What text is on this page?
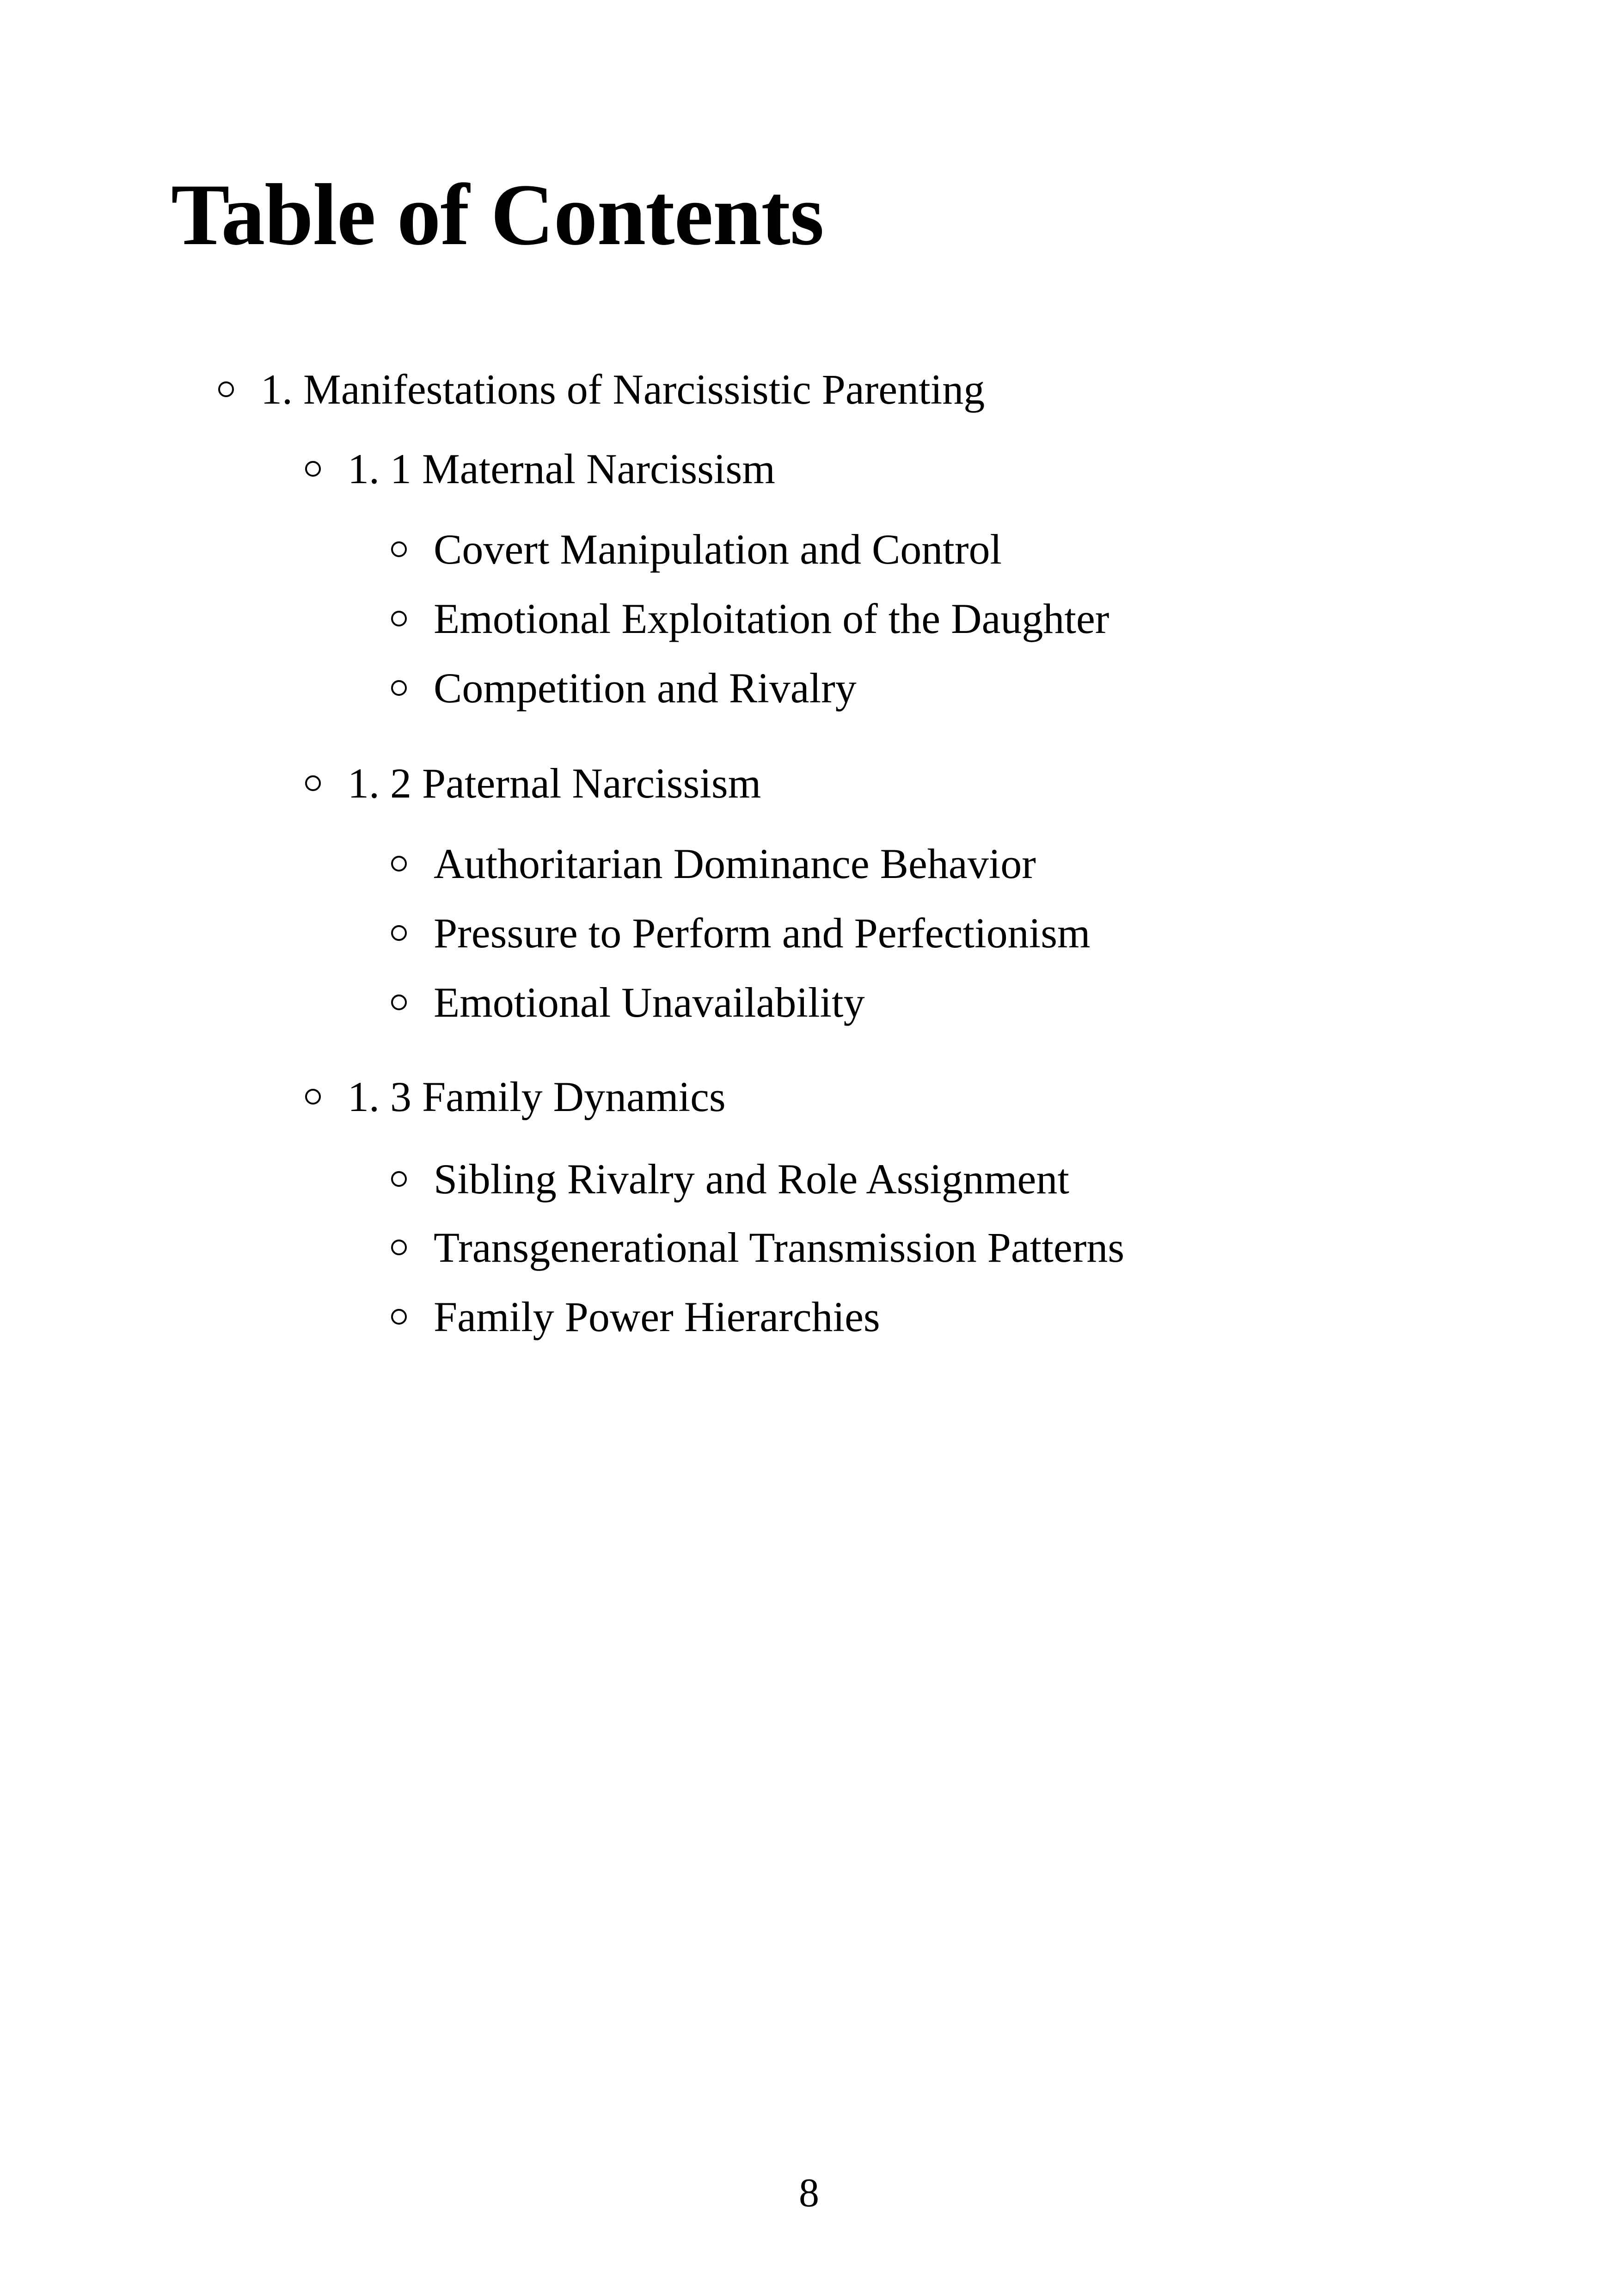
Table of Contents
1. Manifestations of Narcissistic Parenting
1. 1 Maternal Narcissism
Covert Manipulation and Control
Emotional Exploitation of the Daughter
Competition and Rivalry
1. 2 Paternal Narcissism
Authoritarian Dominance Behavior
Pressure to Perform and Perfectionism
Emotional Unavailability
1. 3 Family Dynamics
Sibling Rivalry and Role Assignment
Transgenerational Transmission Patterns
Family Power Hierarchies
8
